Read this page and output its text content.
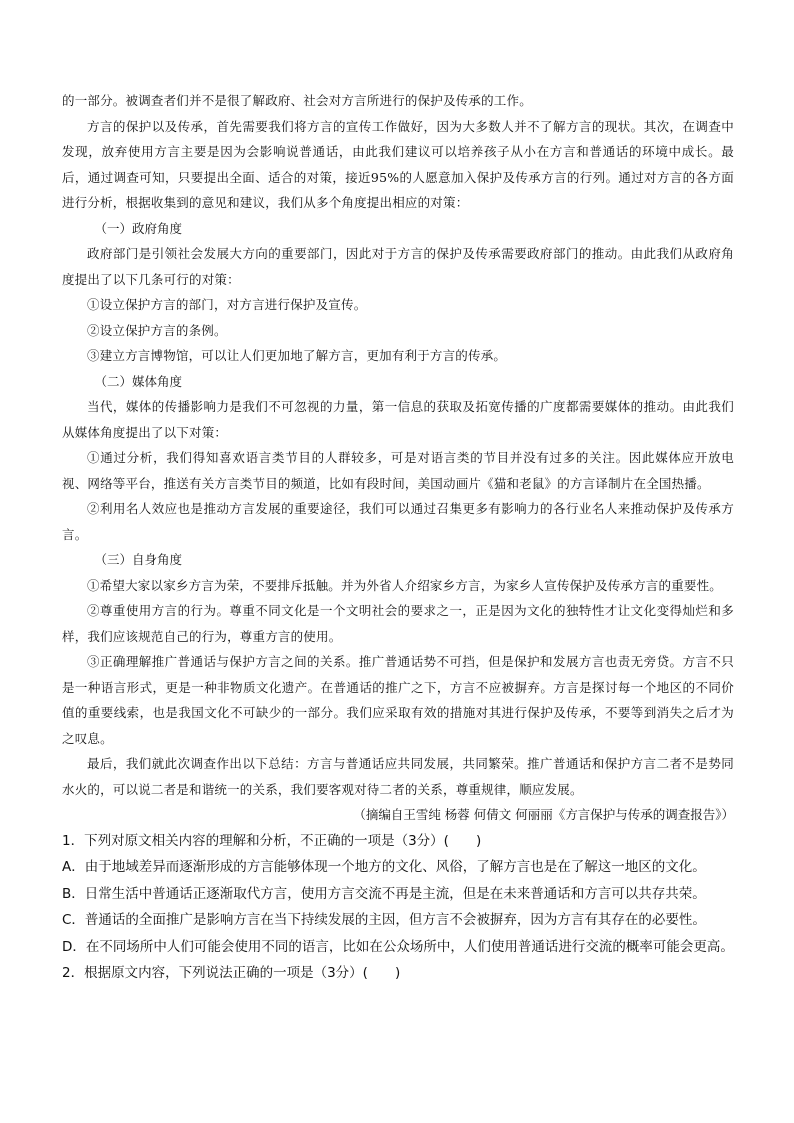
的一部分。被调查者们并不是很了解政府、社会对方言所进行的保护及传承的工作。

方言的保护以及传承，首先需要我们将方言的宣传工作做好，因为大多数人并不了解方言的现状。其次，在调查中发现，放弃使用方言主要是因为会影响说普通话，由此我们建议可以培养孩子从小在方言和普通话的环境中成长。最后，通过调查可知，只要提出全面、适合的对策，接近95%的人愿意加入保护及传承方言的行列。通过对方言的各方面进行分析，根据收集到的意见和建议，我们从多个角度提出相应的对策：

（一）政府角度

政府部门是引领社会发展大方向的重要部门，因此对于方言的保护及传承需要政府部门的推动。由此我们从政府角度提出了以下几条可行的对策：

①设立保护方言的部门，对方言进行保护及宣传。

②设立保护方言的条例。

③建立方言博物馆，可以让人们更加地了解方言，更加有利于方言的传承。

（二）媒体角度

当代，媒体的传播影响力是我们不可忽视的力量，第一信息的获取及拓宽传播的广度都需要媒体的推动。由此我们从媒体角度提出了以下对策：

①通过分析，我们得知喜欢语言类节目的人群较多，可是对语言类的节目并没有过多的关注。因此媒体应开放电视、网络等平台，推送有关方言类节目的频道，比如有段时间，美国动画片《猫和老鼠》的方言译制片在全国热播。

②利用名人效应也是推动方言发展的重要途径，我们可以通过召集更多有影响力的各行业名人来推动保护及传承方言。

（三）自身角度

①希望大家以家乡方言为荣，不要排斥抵触。并为外省人介绍家乡方言，为家乡人宣传保护及传承方言的重要性。

②尊重使用方言的行为。尊重不同文化是一个文明社会的要求之一，正是因为文化的独特性才让文化变得灿烂和多样，我们应该规范自己的行为，尊重方言的使用。

③正确理解推广普通话与保护方言之间的关系。推广普通话势不可挡，但是保护和发展方言也责无旁贷。方言不只是一种语言形式，更是一种非物质文化遗产。在普通话的推广之下，方言不应被摒弃。方言是探讨每一个地区的不同价值的重要线索，也是我国文化不可缺少的一部分。我们应采取有效的措施对其进行保护及传承，不要等到消失之后才为之叹息。

最后，我们就此次调查作出以下总结：方言与普通话应共同发展，共同繁荣。推广普通话和保护方言二者不是势同水火的，可以说二者是和谐统一的关系，我们要客观对待二者的关系，尊重规律，顺应发展。

（摘编自王雪纯 杨蓉 何倩文 何丽丽《方言保护与传承的调查报告》）

1．下列对原文相关内容的理解和分析，不正确的一项是（3分）(　　)

A．由于地域差异而逐渐形成的方言能够体现一个地方的文化、风俗，了解方言也是在了解这一地区的文化。

B．日常生活中普通话正逐渐取代方言，使用方言交流不再是主流，但是在未来普通话和方言可以共存共荣。

C．普通话的全面推广是影响方言在当下持续发展的主因，但方言不会被摒弃，因为方言有其存在的必要性。

D．在不同场所中人们可能会使用不同的语言，比如在公众场所中，人们使用普通话进行交流的概率可能会更高。

2．根据原文内容，下列说法正确的一项是（3分）(　　)
